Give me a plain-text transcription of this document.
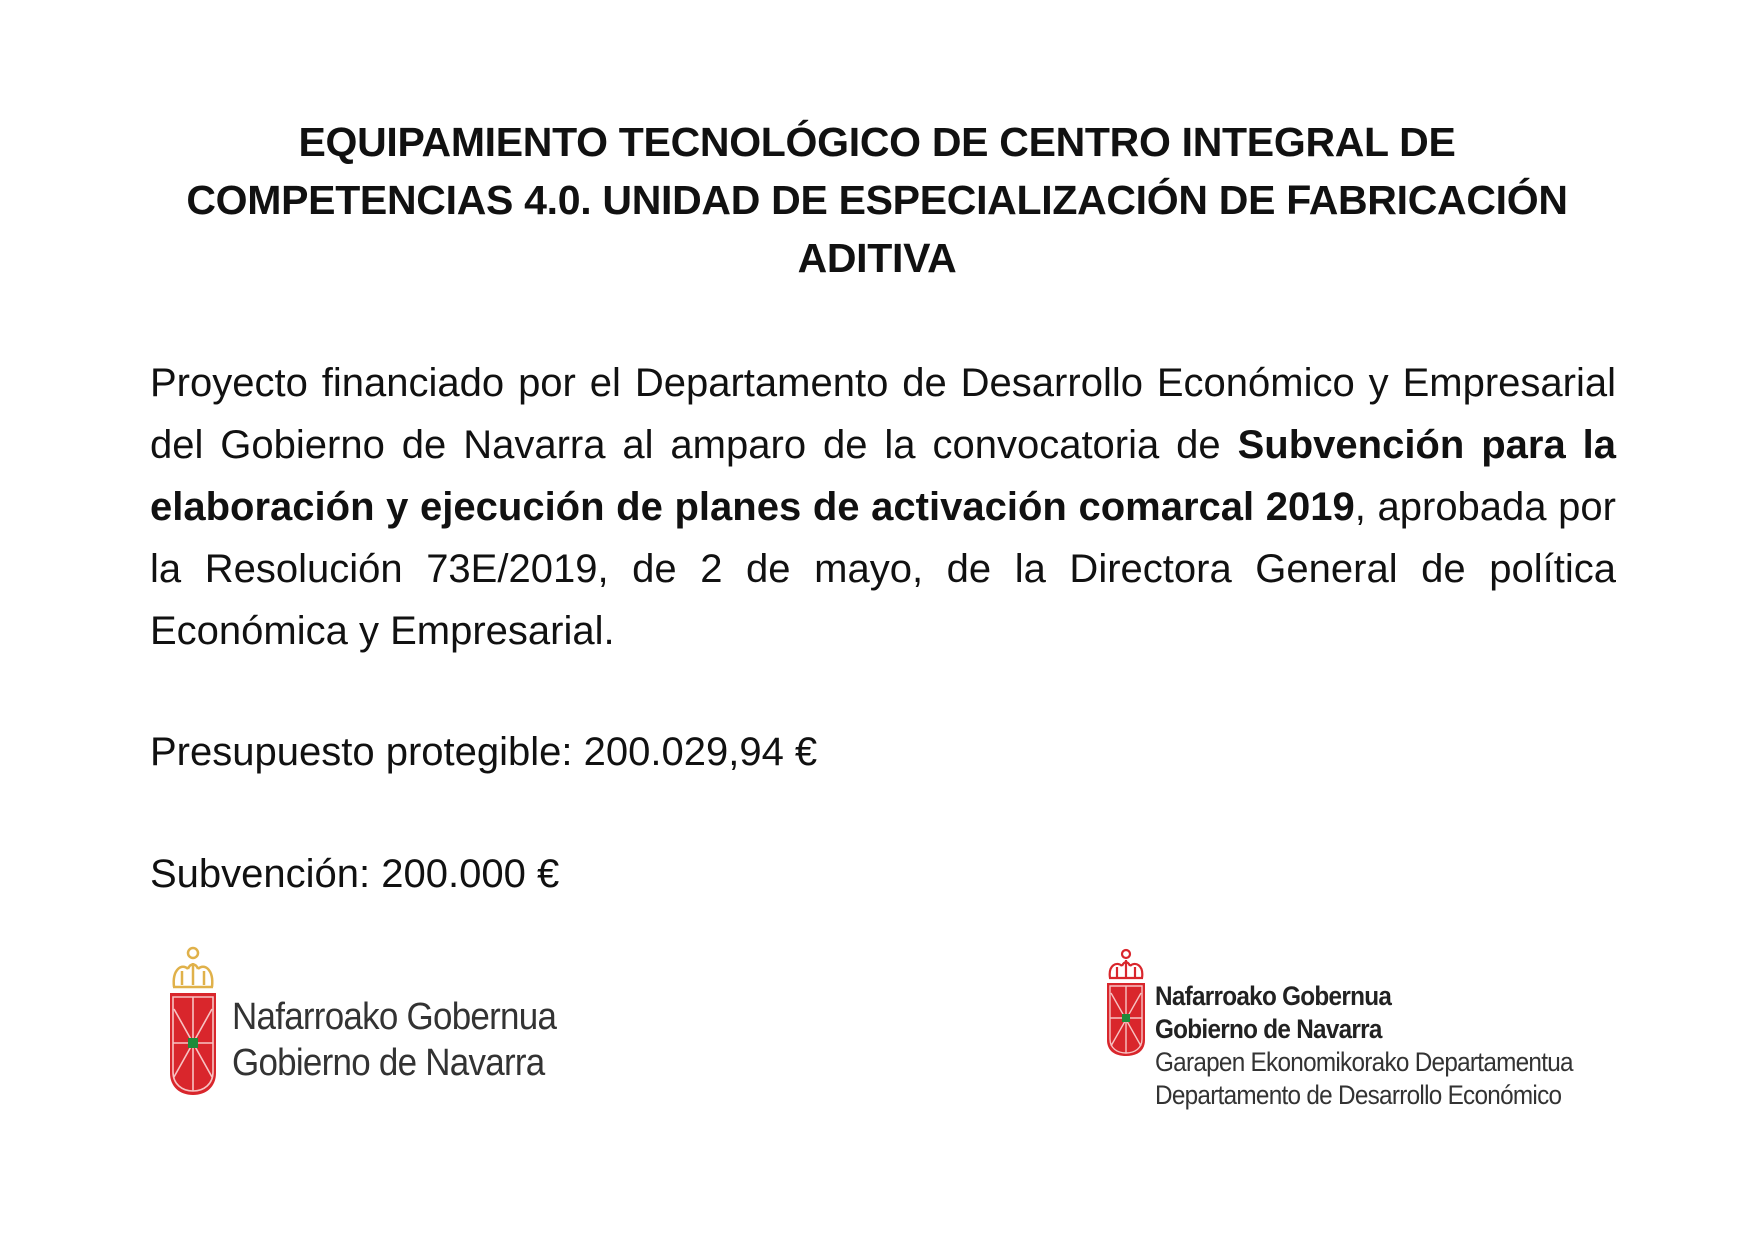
EQUIPAMIENTO TECNOLÓGICO DE CENTRO INTEGRAL DE
COMPETENCIAS 4.0. UNIDAD DE ESPECIALIZACIÓN DE FABRICACIÓN
ADITIVA

Proyecto financiado por el Departamento de Desarrollo Económico y Empresarial del Gobierno de Navarra al amparo de la convocatoria de Subvención para la elaboración y ejecución de planes de activación comarcal 2019, aprobada por la Resolución 73E/2019, de 2 de mayo, de la Directora General de política Económica y Empresarial.

Presupuesto protegible: 200.029,94 €

Subvención: 200.000 €

Nafarroako Gobernua
Gobierno de Navarra
Nafarroako Gobernua
Gobierno de Navarra
Garapen Ekonomikorako Departamentua
Departamento de Desarrollo Económico
